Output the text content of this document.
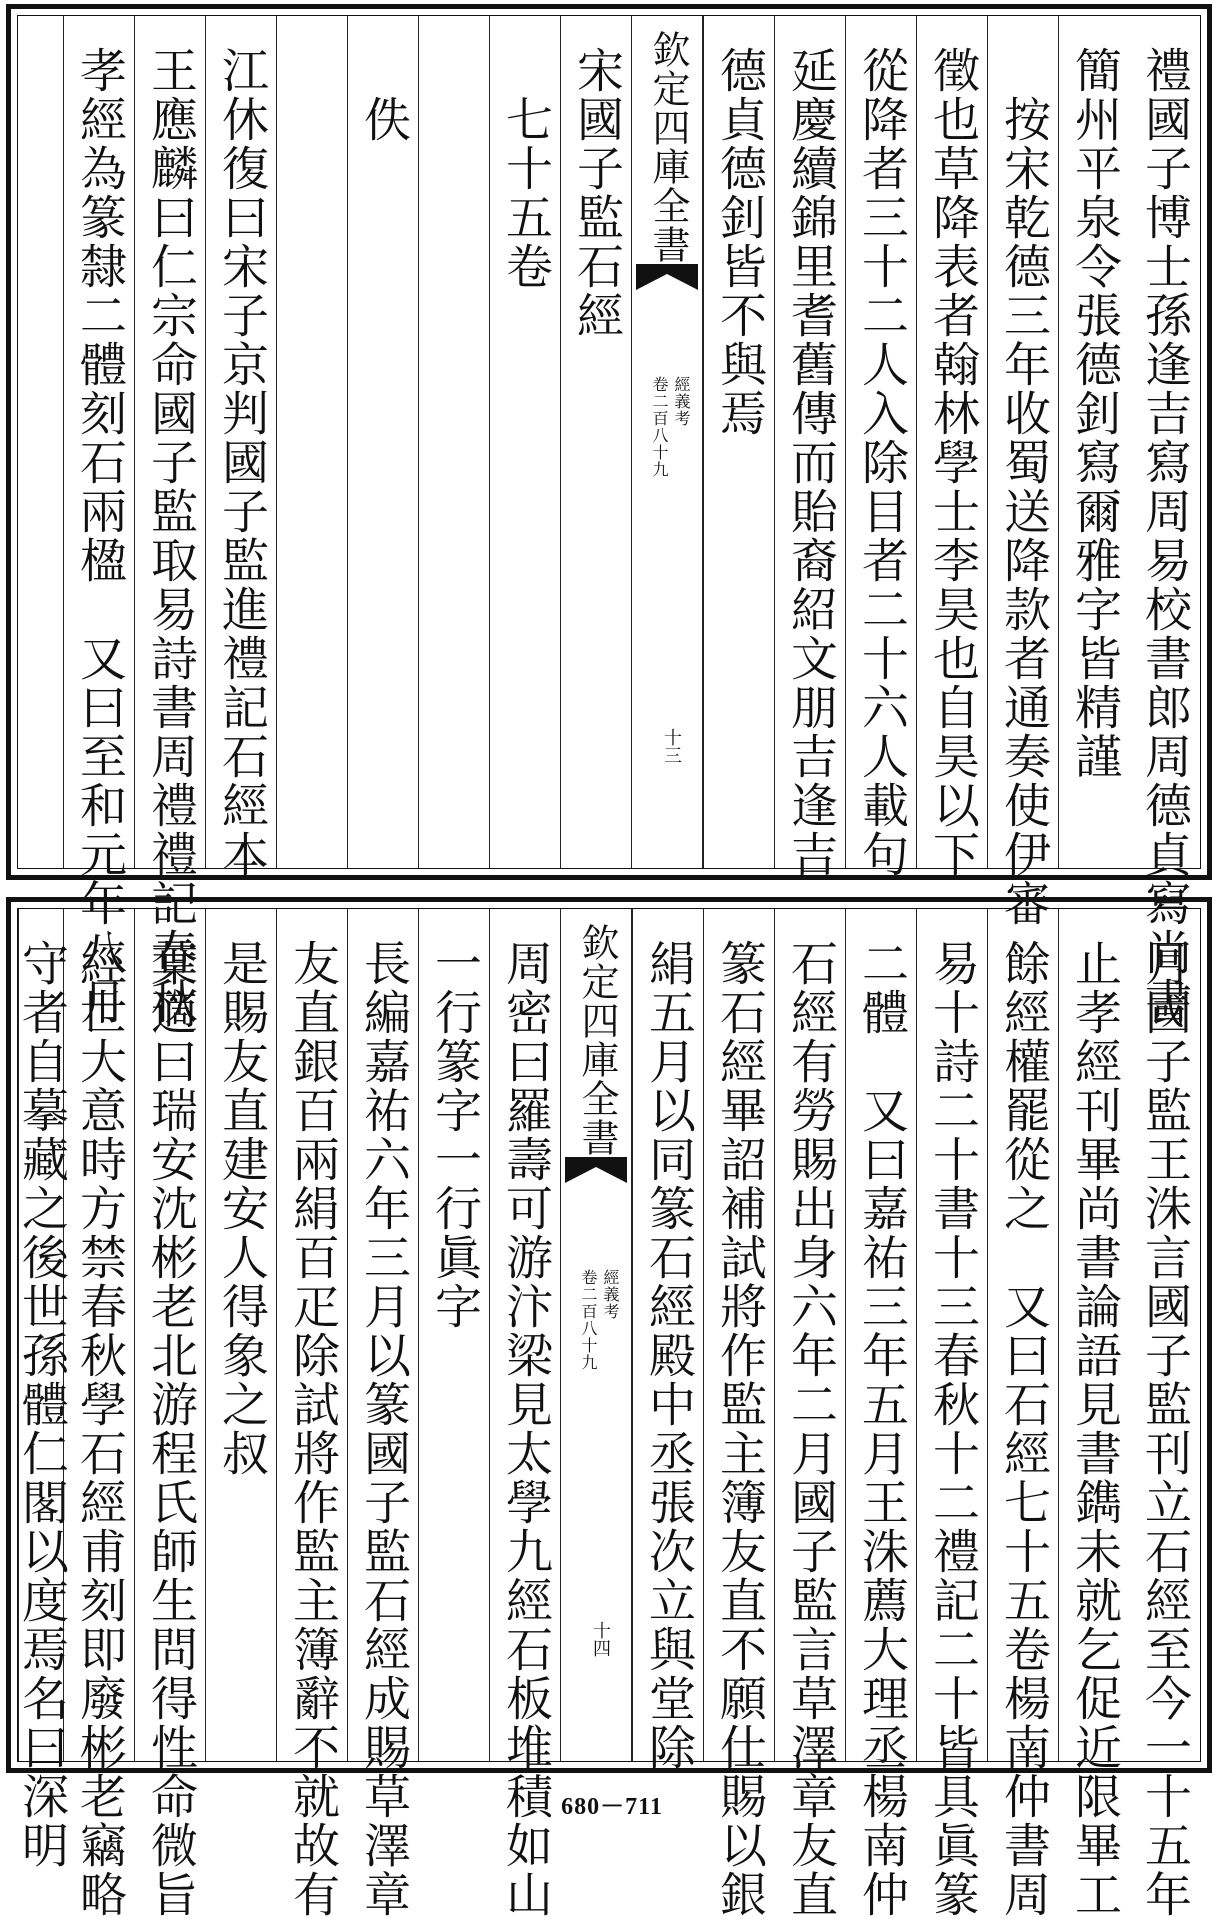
禮國子博士孫逢吉寫周易校書郎周德貞寫尚書
簡州平泉令張德釗寫爾雅字皆精謹
　按宋乾德三年收蜀送降款者通奏使伊審
徵也草降表者翰林學士李昊也自昊以下
從降者三十二人入除目者二十六人載句
延慶續錦里耆舊傳而貽裔紹文朋吉逢吉
德貞德釗皆不與焉
欽定四庫全書
卷二百八十九 經義考
十三
宋國子監石經
　七十五卷
　佚
江休復曰宋子京判國子監進禮記石經本
王應麟曰仁宗命國子監取易詩書周禮禮記春秋
孝經為篆隸二體刻石兩楹　又曰至和元年八月
月國子監王洙言國子監刊立石經至今一十五年
止孝經刊畢尚書論語見書鐫未就乞促近限畢工
餘經權罷從之　又曰石經七十五卷楊南仲書周
易十詩二十書十三春秋十二禮記二十皆具眞篆
二體　又曰嘉祐三年五月王洙薦大理丞楊南仲
石經有勞賜出身六年二月國子監言草澤章友直
篆石經畢詔補試將作監主簿友直不願仕賜以銀
絹五月以同篆石經殿中丞張次立與堂除
欽定四庫全書
卷二百八十九 經義考
十四
周密曰羅壽可游汴梁見太學九經石板堆積如山
一行篆字一行眞字
長編嘉祐六年三月以篆國子監石經成賜草澤章
友直銀百兩絹百疋除試將作監主簿辭不就故有
是賜友直建安人得象之叔
葉適曰瑞安沈彬老北游程氏師生問得性命微旨
經世大意時方禁春秋學石經甫刻即廢彬老竊略
守者自摹藏之後世孫體仁閣以度焉名曰深明	680－711
